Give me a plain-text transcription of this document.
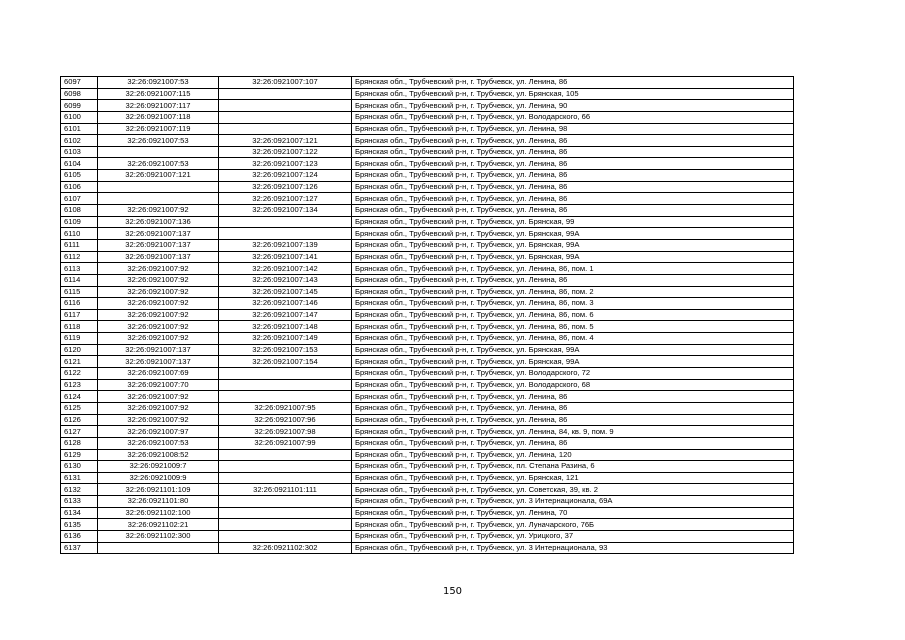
6097	32:26:0921007:53	32:26:0921007:107	Брянская обл., Трубчевский р-н, г. Трубчевск, ул. Ленина, 86
6098	32:26:0921007:115		Брянская обл., Трубчевский р-н, г. Трубчевск, ул. Брянская, 105
6099	32:26:0921007:117		Брянская обл., Трубчевский р-н, г. Трубчевск, ул. Ленина, 90
6100	32:26:0921007:118		Брянская обл., Трубчевский р-н, г. Трубчевск, ул. Володарского, 66
6101	32:26:0921007:119		Брянская обл., Трубчевский р-н, г. Трубчевск, ул. Ленина, 98
6102	32:26:0921007:53	32:26:0921007:121	Брянская обл., Трубчевский р-н, г. Трубчевск, ул. Ленина, 86
6103		32:26:0921007:122	Брянская обл., Трубчевский р-н, г. Трубчевск, ул. Ленина, 86
6104	32:26:0921007:53	32:26:0921007:123	Брянская обл., Трубчевский р-н, г. Трубчевск, ул. Ленина, 86
6105	32:26:0921007:121	32:26:0921007:124	Брянская обл., Трубчевский р-н, г. Трубчевск, ул. Ленина, 86
6106		32:26:0921007:126	Брянская обл., Трубчевский р-н, г. Трубчевск, ул. Ленина, 86
6107		32:26:0921007:127	Брянская обл., Трубчевский р-н, г. Трубчевск, ул. Ленина, 86
6108	32:26:0921007:92	32:26:0921007:134	Брянская обл., Трубчевский р-н, г. Трубчевск, ул. Ленина, 86
6109	32:26:0921007:136		Брянская обл., Трубчевский р-н, г. Трубчевск, ул. Брянская, 99
6110	32:26:0921007:137		Брянская обл., Трубчевский р-н, г. Трубчевск, ул. Брянская, 99А
6111	32:26:0921007:137	32:26:0921007:139	Брянская обл., Трубчевский р-н, г. Трубчевск, ул. Брянская, 99А
6112	32:26:0921007:137	32:26:0921007:141	Брянская обл., Трубчевский р-н, г. Трубчевск, ул. Брянская, 99А
6113	32:26:0921007:92	32:26:0921007:142	Брянская обл., Трубчевский р-н, г. Трубчевск, ул. Ленина, 86, пом. 1
6114	32:26:0921007:92	32:26:0921007:143	Брянская обл., Трубчевский р-н, г. Трубчевск, ул. Ленина, 86
6115	32:26:0921007:92	32:26:0921007:145	Брянская обл., Трубчевский р-н, г. Трубчевск, ул. Ленина, 86, пом. 2
6116	32:26:0921007:92	32:26:0921007:146	Брянская обл., Трубчевский р-н, г. Трубчевск, ул. Ленина, 86, пом. 3
6117	32:26:0921007:92	32:26:0921007:147	Брянская обл., Трубчевский р-н, г. Трубчевск, ул. Ленина, 86, пом. 6
6118	32:26:0921007:92	32:26:0921007:148	Брянская обл., Трубчевский р-н, г. Трубчевск, ул. Ленина, 86, пом. 5
6119	32:26:0921007:92	32:26:0921007:149	Брянская обл., Трубчевский р-н, г. Трубчевск, ул. Ленина, 86, пом. 4
6120	32:26:0921007:137	32:26:0921007:153	Брянская обл., Трубчевский р-н, г. Трубчевск, ул. Брянская, 99А
6121	32:26:0921007:137	32:26:0921007:154	Брянская обл., Трубчевский р-н, г. Трубчевск, ул. Брянская, 99А
6122	32:26:0921007:69		Брянская обл., Трубчевский р-н, г. Трубчевск, ул. Володарского, 72
6123	32:26:0921007:70		Брянская обл., Трубчевский р-н, г. Трубчевск, ул. Володарского, 68
6124	32:26:0921007:92		Брянская обл., Трубчевский р-н, г. Трубчевск, ул. Ленина, 86
6125	32:26:0921007:92	32:26:0921007:95	Брянская обл., Трубчевский р-н, г. Трубчевск, ул. Ленина, 86
6126	32:26:0921007:92	32:26:0921007:96	Брянская обл., Трубчевский р-н, г. Трубчевск, ул. Ленина, 86
6127	32:26:0921007:97	32:26:0921007:98	Брянская обл., Трубчевский р-н, г. Трубчевск, ул. Ленина, 84, кв. 9, пом. 9
6128	32:26:0921007:53	32:26:0921007:99	Брянская обл., Трубчевский р-н, г. Трубчевск, ул. Ленина, 86
6129	32:26:0921008:52		Брянская обл., Трубчевский р-н, г. Трубчевск, ул. Ленина, 120
6130	32:26:0921009:7		Брянская обл., Трубчевский р-н, г. Трубчевск, пл. Степана Разина, 6
6131	32:26:0921009:9		Брянская обл., Трубчевский р-н, г. Трубчевск, ул. Брянская, 121
6132	32:26:0921101:109	32:26:0921101:111	Брянская обл., Трубчевский р-н, г. Трубчевск, ул. Советская, 39, кв. 2
6133	32:26:0921101:80		Брянская обл., Трубчевский р-н, г. Трубчевск, ул. 3 Интернационала, 69А
6134	32:26:0921102:100		Брянская обл., Трубчевский р-н, г. Трубчевск, ул. Ленина, 70
6135	32:26:0921102:21		Брянская обл., Трубчевский р-н, г. Трубчевск, ул. Луначарского, 76Б
6136	32:26:0921102:300		Брянская обл., Трубчевский р-н, г. Трубчевск, ул. Урицкого, 37
6137		32:26:0921102:302	Брянская обл., Трубчевский р-н, г. Трубчевск, ул. 3 Интернационала, 93
150
